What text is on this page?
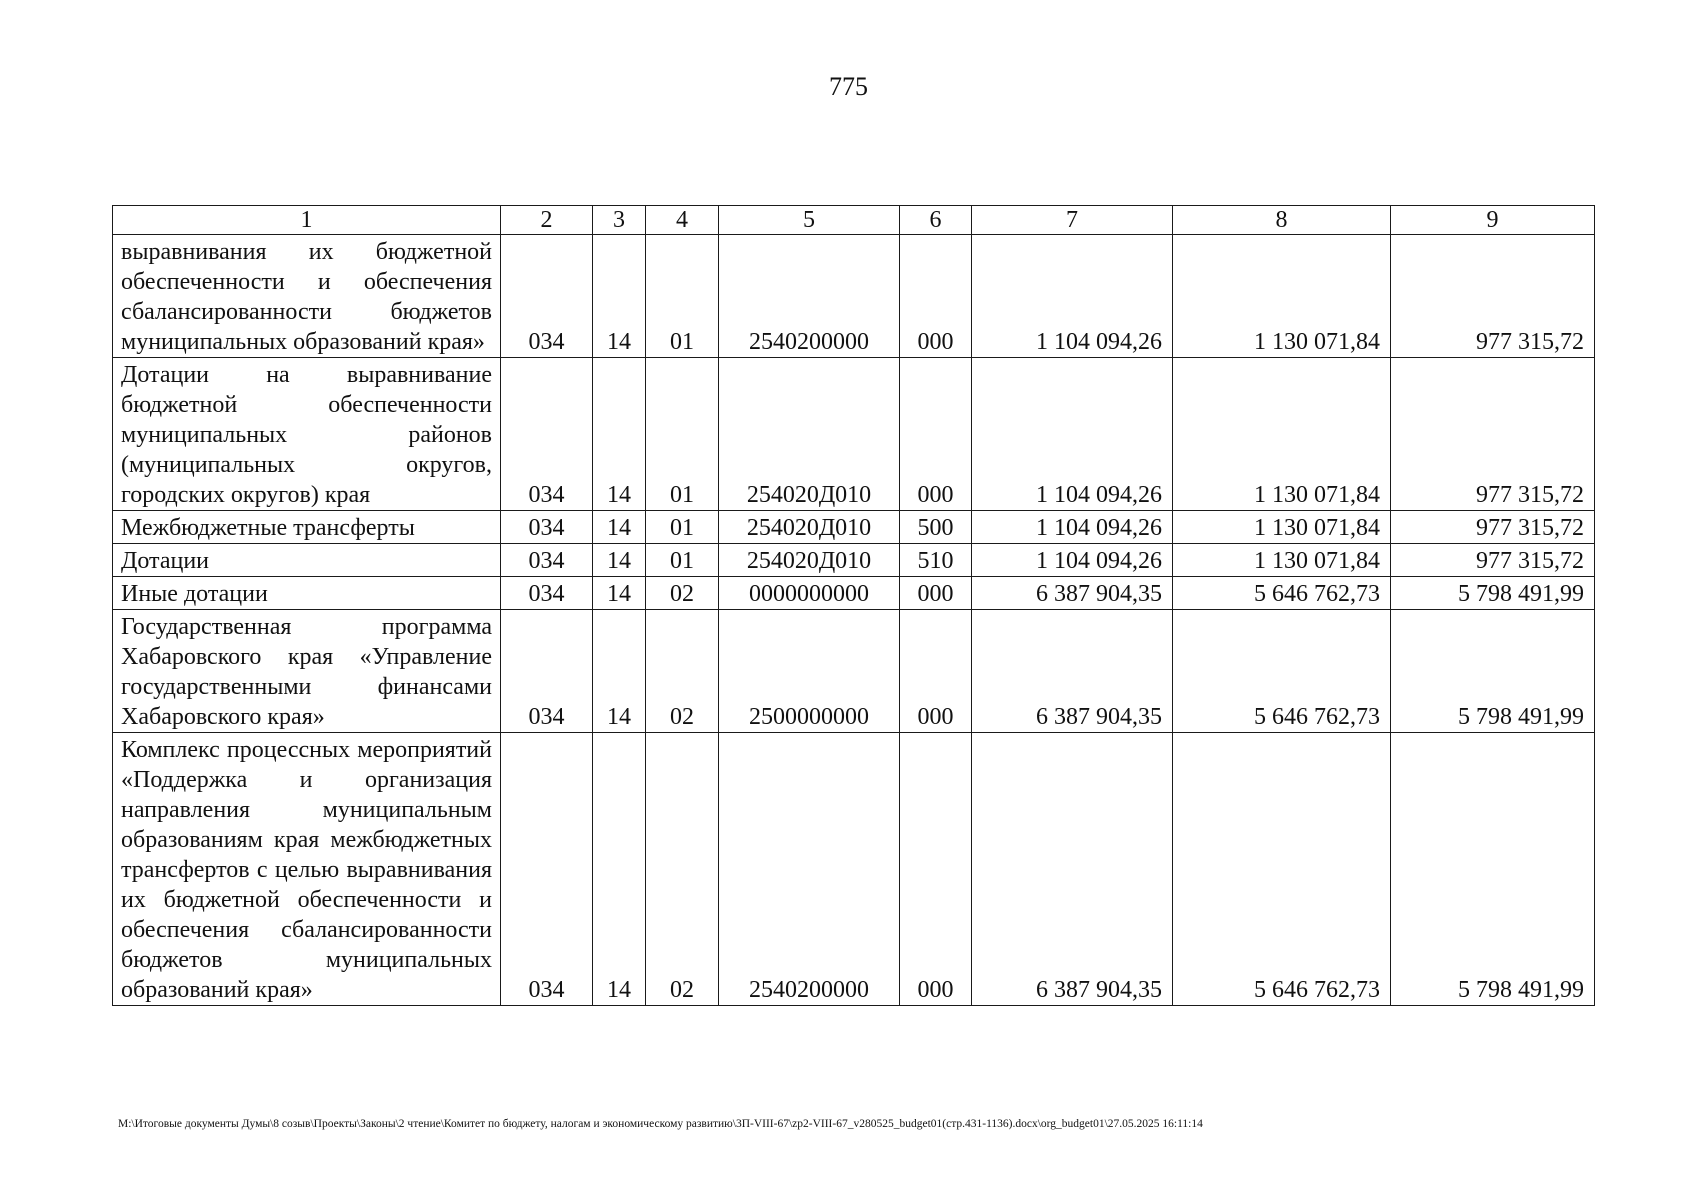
775
1	2	3	4	5	6	7	8	9
выравнивания их бюджетной обеспеченности и обеспечения сбалансированности бюджетов муниципальных образований края»	034	14	01	2540200000	000	1 104 094,26	1 130 071,84	977 315,72
Дотации на выравнивание бюджетной обеспеченности муниципальных районов (муниципальных округов, городских округов) края	034	14	01	254020Д010	000	1 104 094,26	1 130 071,84	977 315,72
Межбюджетные трансферты	034	14	01	254020Д010	500	1 104 094,26	1 130 071,84	977 315,72
Дотации	034	14	01	254020Д010	510	1 104 094,26	1 130 071,84	977 315,72
Иные дотации	034	14	02	0000000000	000	6 387 904,35	5 646 762,73	5 798 491,99
Государственная программа Хабаровского края «Управление государственными финансами Хабаровского края»	034	14	02	2500000000	000	6 387 904,35	5 646 762,73	5 798 491,99
Комплекс процессных мероприятий «Поддержка и организация направления муниципальным образованиям края межбюджетных трансфертов с целью выравнивания их бюджетной обеспеченности и обеспечения сбалансированности бюджетов муниципальных образований края»	034	14	02	2540200000	000	6 387 904,35	5 646 762,73	5 798 491,99
M:\Итоговые документы Думы\8 созыв\Проекты\Законы\2 чтение\Комитет по бюджету, налогам и экономическому развитию\3П-VIII-67\zp2-VIII-67_v280525_budget01(стр.431-1136).docx\org_budget01\27.05.2025 16:11:14
